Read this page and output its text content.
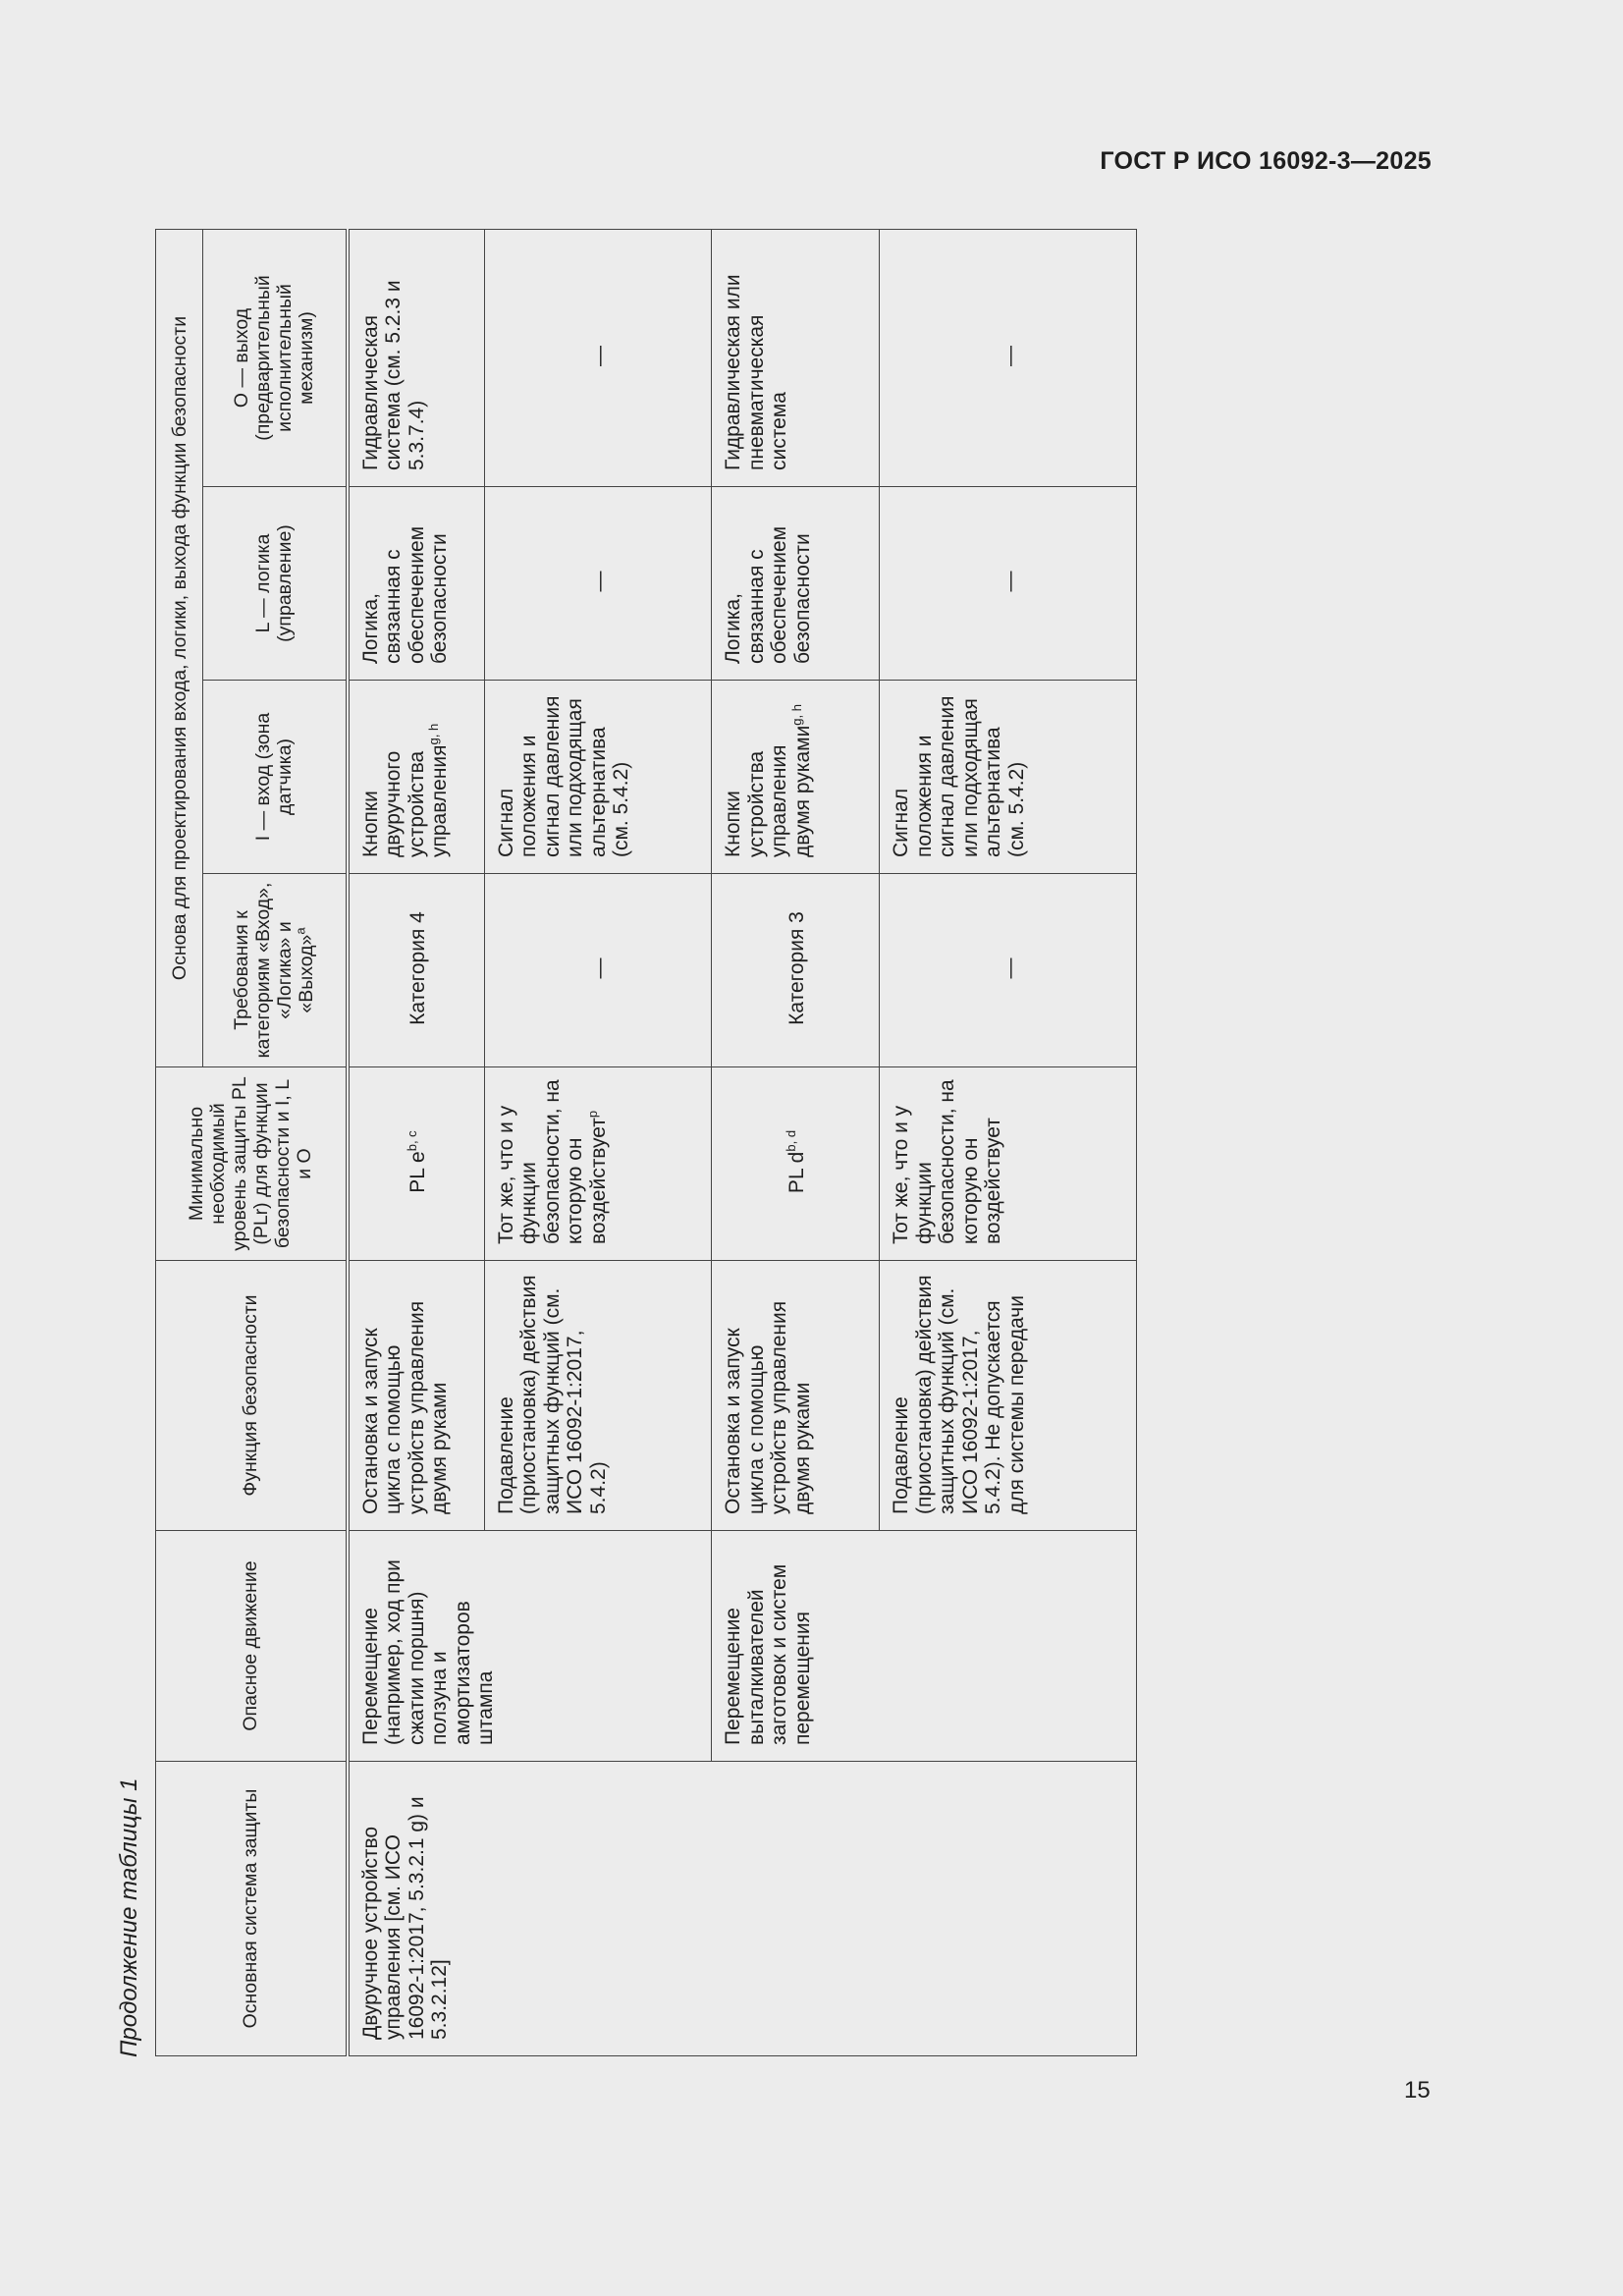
ГОСТ Р ИСО 16092-3—2025
Продолжение таблицы 1	Основная система защиты	Опасное движение	Функция безопасности	Минимально необходимый уровень защиты PL (PLr) для функции безопасности и I, L и O	Основа для проектирования входа, логики, выхода функции безопасности			
				Требования к категориям «Вход», «Логика» и «Выход»$^a$	I — вход (зона датчика)	L — логика (управление)	O — выход (предварительный исполнительный механизм)
Двуручное устройство управления [см. ИСО 16092-1:2017, 5.3.2.1 g) и 5.3.2.12]	Перемещение (например, ход при сжатии поршня) ползуна и амортизаторов штампа	Остановка и запуск цикла с помощью устройств управления двумя руками	PL $e^{b, c}$	Категория 4	Кнопки двуручного устройства управления$^{g, h}$	Логика, связанная с обеспечением безопасности	Гидравлическая система (см. 5.2.3 и 5.3.7.4)
		Подавление (приостановка) действия защитных функций (см. ИСО 16092-1:2017, 5.4.2)	Тот же, что и у функции безопасности, на которую он воздействует$^p$	—	Сигнал положения и сигнал давления или подходящая альтернатива (см. 5.4.2)	—	—
	Перемещение выталкивателей заготовок и систем перемещения	Остановка и запуск цикла с помощью устройств управления двумя руками	PL $d^{b, d}$	Категория 3	Кнопки устройства управления двумя руками$^{g, h}$	Логика, связанная с обеспечением безопасности	Гидравлическая или пневматическая система
		Подавление (приостановка) действия защитных функций (см. ИСО 16092-1:2017, 5.4.2). Не допускается для системы передачи	Тот же, что и у функции безопасности, на которую он воздействует	—	Сигнал положения и сигнал давления или подходящая альтернатива (см. 5.4.2)	—	—
15
